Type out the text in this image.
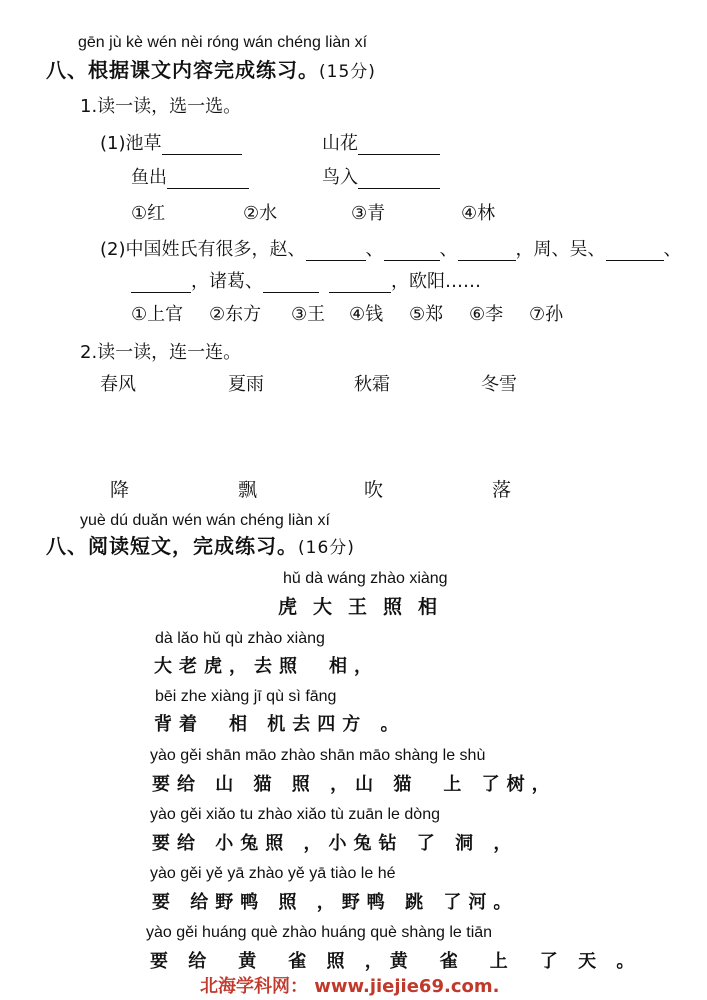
gēn jù kè wén nèi róng wán chéng liàn xí
八、根据课文内容完成练习。(15分)
1.读一读，选一选。
(1)池草	山花
鱼出	鸟入
①红	②水	③青	④林
(2)中国姓氏有很多，赵、	、	、	，周、吴、	、
，诸葛、	，欧阳……
①上官 ②东方 ③王 ④钱 ⑤郑 ⑥李 ⑦孙
2.读一读，连一连。
春风	夏雨	秋霜	冬雪
降	飘	吹	落
yuè dú duǎn wén wán chéng liàn xí
八、阅读短文，完成练习。(16分)
hǔ dà wáng zhào xiàng
虎大王照相
dà lǎo hǔ qù zhào xiàng
大老虎，去照　相，
bēi zhe xiàng jī qù sì fāng
背着　相 机去四方 。
yào gěi shān māo zhào shān māo shàng le shù
要给 山 猫 照 ，山 猫　上 了树，
yào gěi xiǎo tu zhào xiǎo tù zuān le dòng
要给 小兔照 ，小兔钻 了 洞 ，
yào gěi yě yā zhào yě yā tiào le hé
要 给野鸭 照 ，野鸭 跳 了河。
yào gěi huáng què zhào huáng què shàng le tiān
要 给　黄　雀 照 ，黄　雀　上　了 天 。
北海学科网： www.jiejie69.com.
